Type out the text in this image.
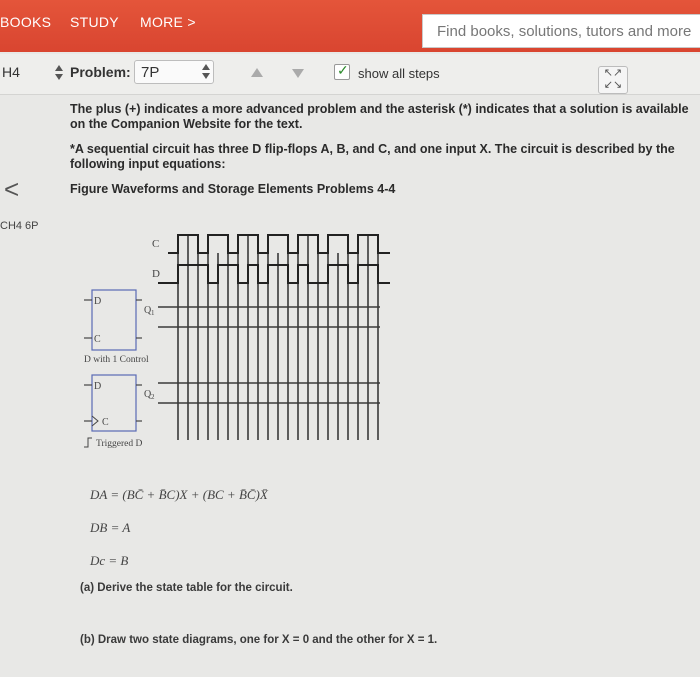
BOOKS STUDY MORE >
Find books, solutions, tutors and more
H4	Problem: 7P	✓ show all steps	↖↗
↙↘
<
CH4 6P

The plus (+) indicates a more advanced problem and the asterisk (*) indicates that a solution is available on the Companion Website for the text.

*A sequential circuit has three D flip-flops A, B, and C, and one input X. The circuit is described by the following input equations:

Figure Waveforms and Storage Elements Problems 4-4

C
D
D
C
Q 1
D with 1 Control
D
C
Q 2
Triggered D
DA = (BC̄ + B̄C)X + (BC + B̄C̄)X̄
DB = A
Dc = B
(a) Derive the state table for the circuit.
(b) Draw two state diagrams, one for X = 0 and the other for X = 1.
